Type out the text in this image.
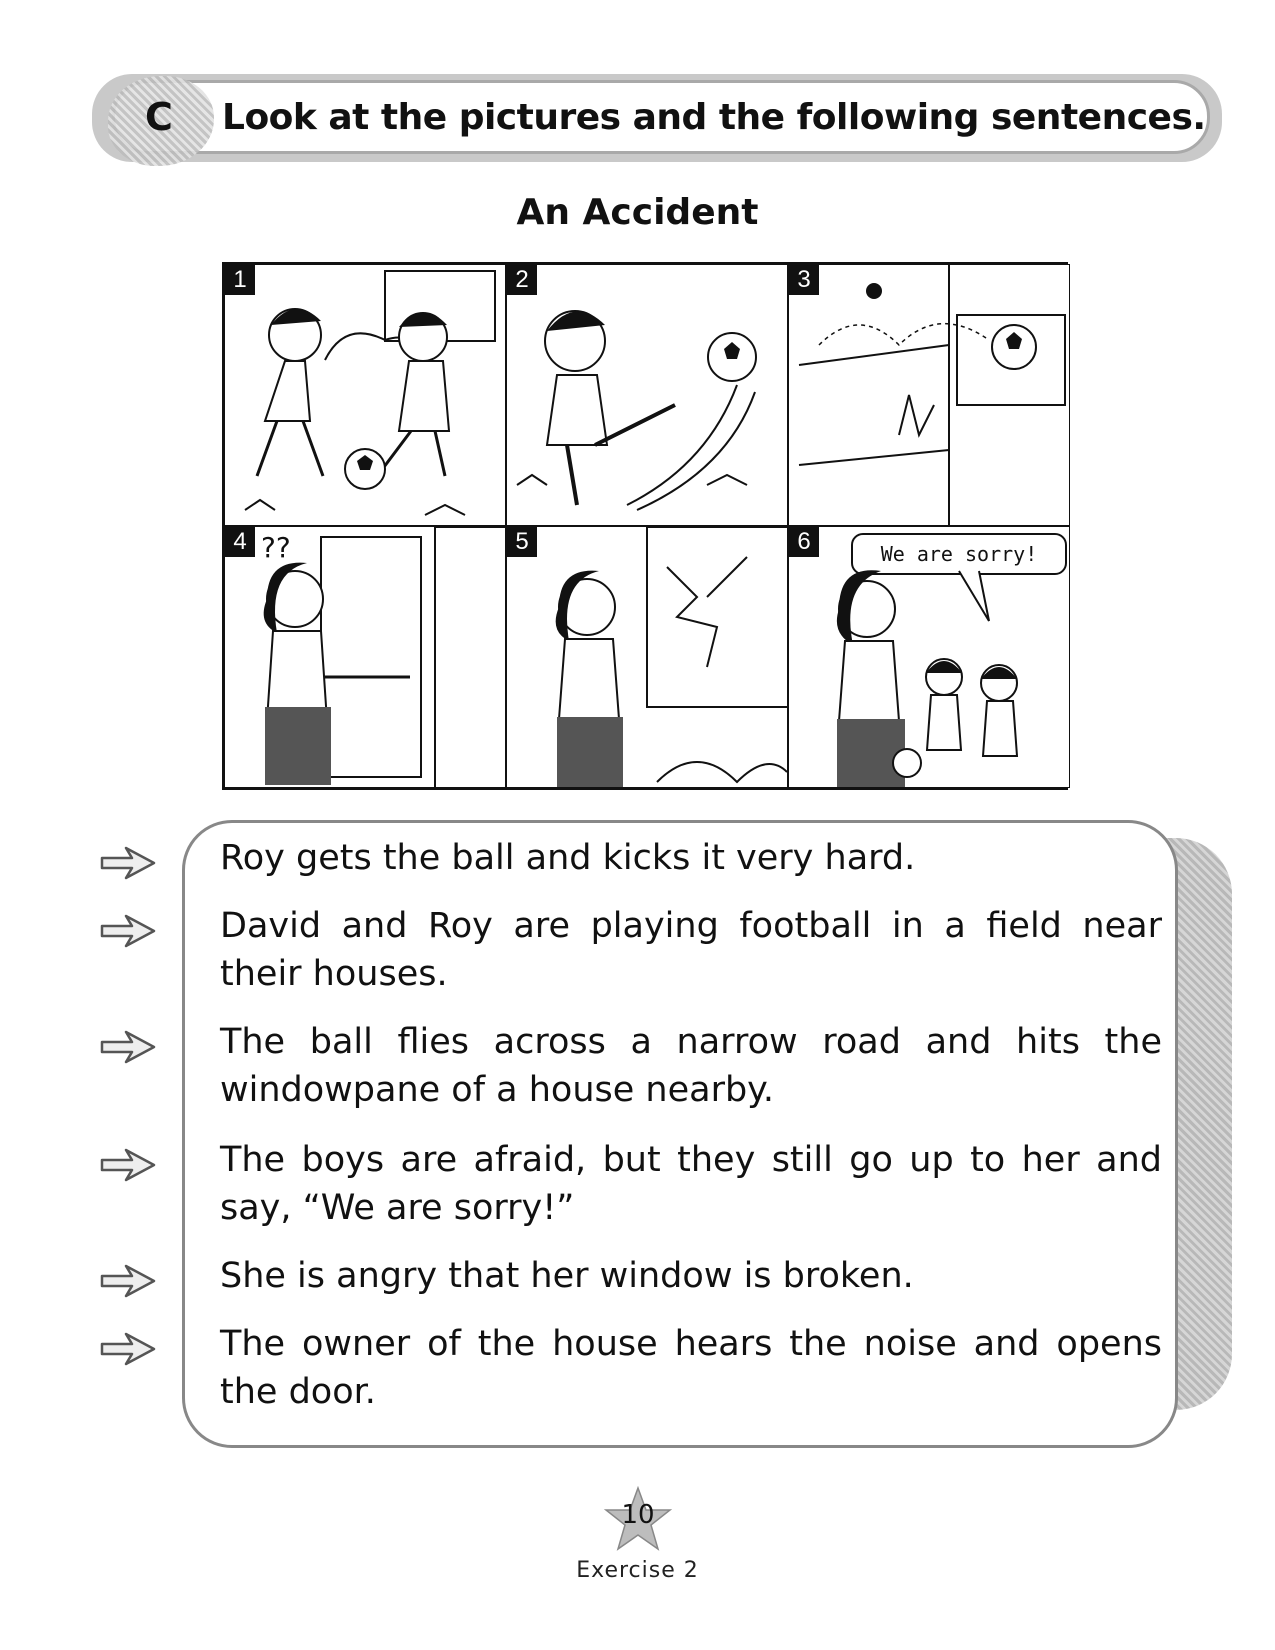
C Look at the pictures and the following sentences.
An Accident
1	2	3
4 ??	5	6	We are sorry!
Roy gets the ball and kicks it very hard.
David and Roy are playing football in a field near their houses.
The ball flies across a narrow road and hits the windowpane of a house nearby.
The boys are afraid, but they still go up to her and say, “We are sorry!”
She is angry that her window is broken.
The owner of the house hears the noise and opens the door.
10
Exercise 2
